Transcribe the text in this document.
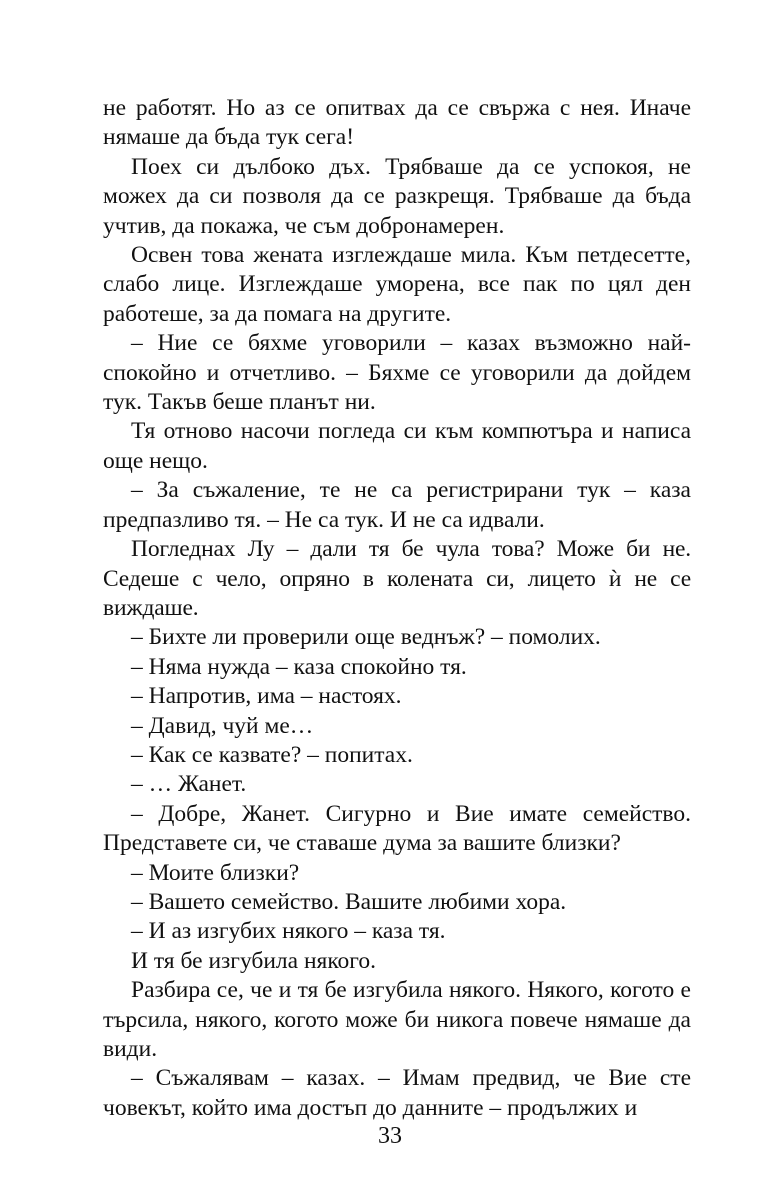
не работят. Но аз се опитвах да се свържа с нея. Иначе нямаше да бъда тук сега!

Поех си дълбоко дъх. Трябваше да се успокоя, не можех да си позволя да се разкрещя. Трябваше да бъда учтив, да покажа, че съм добронамерен.

Освен това жената изглеждаше мила. Към петдесетте, слабо лице. Изглеждаше уморена, все пак по цял ден работеше, за да помага на другите.

– Ние се бяхме уговорили – казах възможно най-спокойно и отчетливо. – Бяхме се уговорили да дойдем тук. Такъв беше планът ни.

Тя отново насочи погледа си към компютъра и написа още нещо.

– За съжаление, те не са регистрирани тук – каза предпазливо тя. – Не са тук. И не са идвали.

Погледнах Лу – дали тя бе чула това? Може би не. Седеше с чело, опряно в колената си, лицето ѝ не се виждаше.

– Бихте ли проверили още веднъж? – помолих.

– Няма нужда – каза спокойно тя.

– Напротив, има – настоях.

– Давид, чуй ме…

– Как се казвате? – попитах.

– … Жанет.

– Добре, Жанет. Сигурно и Вие имате семейство. Представете си, че ставаше дума за вашите близки?

– Моите близки?

– Вашето семейство. Вашите любими хора.

– И аз изгубих някого – каза тя.

И тя бе изгубила някого.

Разбира се, че и тя бе изгубила някого. Някого, когото е търсила, някого, когото може би никога повече нямаше да види.

– Съжалявам – казах. – Имам предвид, че Вие сте човекът, който има достъп до данните – продължих и

33
